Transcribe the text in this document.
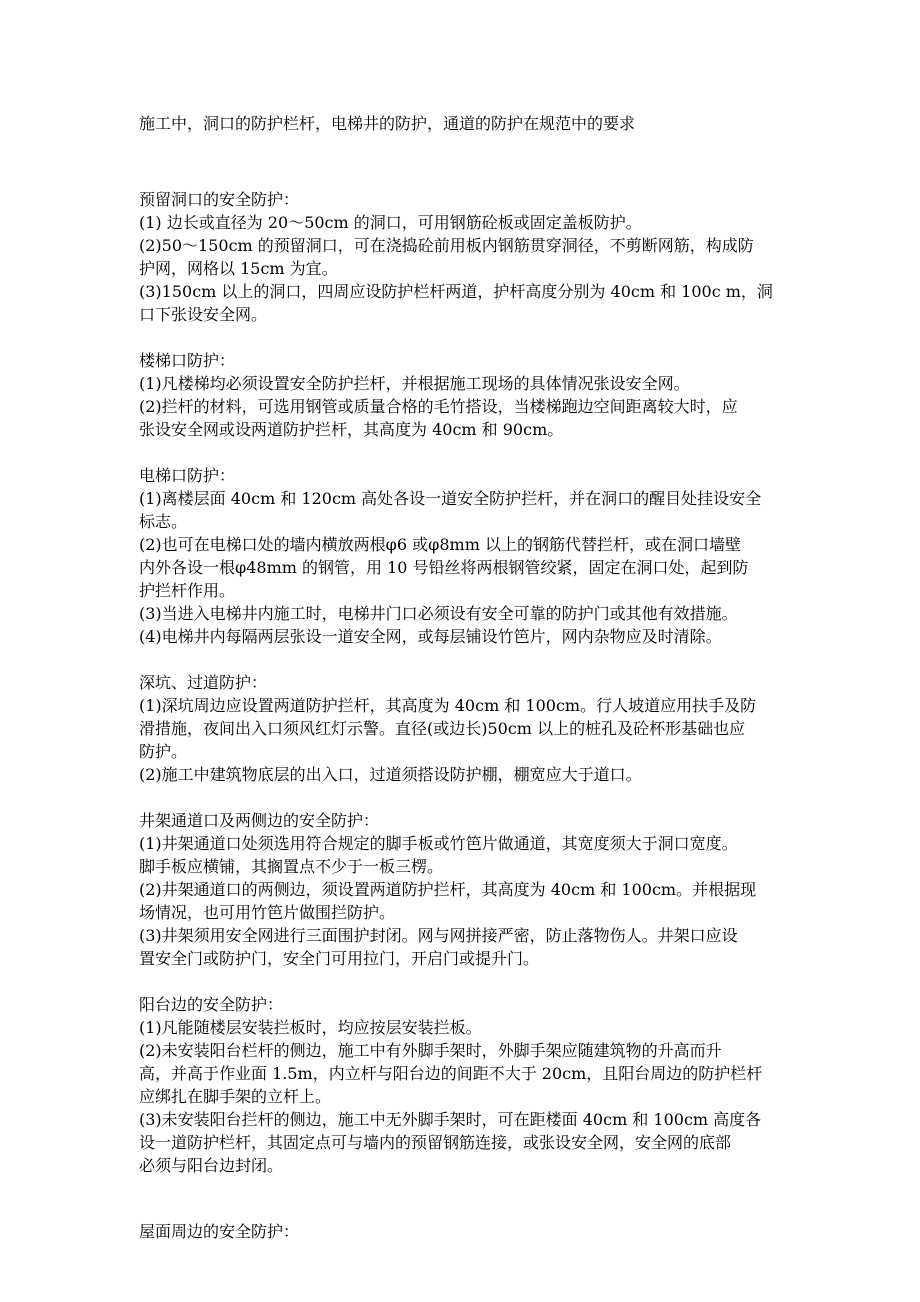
施工中，洞口的防护栏杆，电梯井的防护，通道的防护在规范中的要求

预留洞口的安全防护：

(1) 边长或直径为 20～50cm 的洞口，可用钢筋砼板或固定盖板防护。

(2)50～150cm 的预留洞口，可在浇捣砼前用板内钢筋贯穿洞径，不剪断网筋，构成防

护网，网格以 15cm 为宜。

(3)150cm 以上的洞口，四周应设防护栏杆两道，护杆高度分别为 40cm 和 100c m，洞

口下张设安全网。

楼梯口防护：

(1)凡楼梯均必须设置安全防护拦杆，并根据施工现场的具体情况张设安全网。

(2)拦杆的材料，可选用钢管或质量合格的毛竹搭设，当楼梯跑边空间距离较大时，应

张设安全网或设两道防护拦杆，其高度为 40cm 和 90cm。

电梯口防护：

(1)离楼层面 40cm 和 120cm 高处各设一道安全防护拦杆，并在洞口的醒目处挂设安全

标志。

(2)也可在电梯口处的墙内横放两根φ6 或φ8mm 以上的钢筋代替拦杆，或在洞口墙壁

内外各设一根φ48mm 的钢管，用 10 号铅丝将两根钢管绞紧，固定在洞口处，起到防

护拦杆作用。

(3)当进入电梯井内施工时，电梯井门口必须设有安全可靠的防护门或其他有效措施。

(4)电梯井内每隔两层张设一道安全网，或每层铺设竹笆片，网内杂物应及时清除。

深坑、过道防护：

(1)深坑周边应设置两道防护拦杆，其高度为 40cm 和 100cm。行人坡道应用扶手及防

滑措施，夜间出入口须风红灯示警。直径(或边长)50cm 以上的桩孔及砼杯形基础也应

防护。

(2)施工中建筑物底层的出入口，过道须搭设防护棚，棚宽应大于道口。

井架通道口及两侧边的安全防护：

(1)井架通道口处须选用符合规定的脚手板或竹笆片做通道，其宽度须大于洞口宽度。

脚手板应横铺，其搁置点不少于一板三楞。

(2)井架通道口的两侧边，须设置两道防护拦杆，其高度为 40cm 和 100cm。并根据现

场情况，也可用竹笆片做围拦防护。

(3)井架须用安全网进行三面围护封闭。网与网拼接严密，防止落物伤人。井架口应设

置安全门或防护门，安全门可用拉门，开启门或提升门。

阳台边的安全防护：

(1)凡能随楼层安装拦板时，均应按层安装拦板。

(2)未安装阳台栏杆的侧边，施工中有外脚手架时，外脚手架应随建筑物的升高而升

高，并高于作业面 1.5m，内立杆与阳台边的间距不大于 20cm，且阳台周边的防护栏杆

应绑扎在脚手架的立杆上。

(3)未安装阳台拦杆的侧边，施工中无外脚手架时，可在距楼面 40cm 和 100cm 高度各

设一道防护栏杆，其固定点可与墙内的预留钢筋连接，或张设安全网，安全网的底部

必须与阳台边封闭。

屋面周边的安全防护：
